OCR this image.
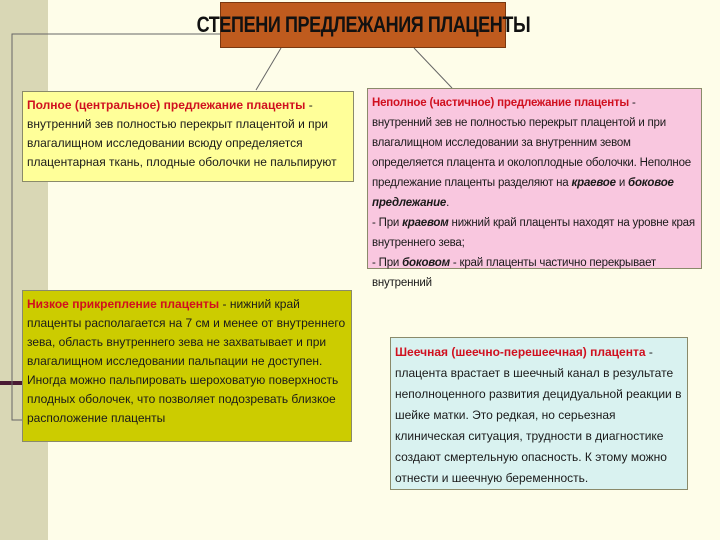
СТЕПЕНИ ПРЕДЛЕЖАНИЯ ПЛАЦЕНТЫ
Полное (центральное) предлежание плаценты - внутренний зев полностью перекрыт плацентой и при влагалищном исследовании всюду определяется плацентарная ткань, плодные оболочки не пальпируют
Неполное (частичное) предлежание плаценты - внутренний зев не полностью перекрыт плацентой и при влагалищном исследовании за внутренним зевом определяется плацента и околоплодные оболочки. Неполное предлежание плаценты разделяют на краевое и боковое предлежание.
- При краевом нижний край плаценты находят на уровне края внутреннего зева;
- При боковом - край плаценты частично перекрывает внутренний
Низкое прикрепление плаценты - нижний край плаценты располагается на 7 см и менее от внутреннего зева, область внутреннего зева не захватывает и при влагалищном исследовании пальпации не доступен. Иногда можно пальпировать шероховатую поверхность плодных оболочек, что позволяет подозревать близкое расположение плаценты
Шеечная (шеечно-перешеечная) плацента - плацента врастает в шеечный канал в результате неполноценного развития децидуальной реакции в шейке матки. Это редкая, но серьезная клиническая ситуация, трудности в диагностике создают смертельную опасность. К этому можно отнести и шеечную беременность.
